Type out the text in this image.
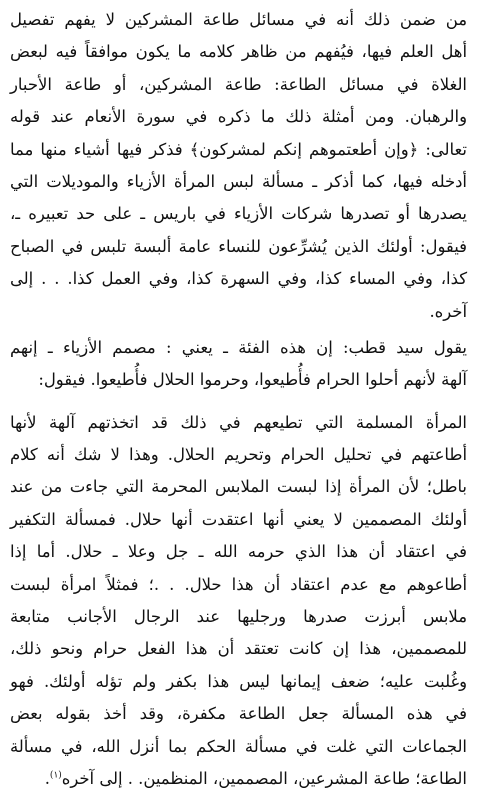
من ضمن ذلك أنه في مسائل طاعة المشركين لا يفهم تفصيل
أهل العلم فيها، فيُفهم من ظاهر كلامه ما يكون موافقاً فيه لبعض
الغلاة في مسائل الطاعة: طاعة المشركين، أو طاعة الأحبار
والرهبان. ومن أمثلة ذلك ما ذكره في سورة الأنعام عند قوله
تعالى: ﴿وإن أطعتموهم إنكم لمشركون﴾ فذكر فيها أشياء منها مما
أدخله فيها، كما أذكر ـ مسألة لبس المرأة الأزياء والموديلات التي
يصدرها أو تصدرها شركات الأزياء في باريس ـ على حد تعبيره ـ،
فيقول: أولئك الذين يُشرِّعون للنساء عامة ألبسة تلبس في الصباح
كذا، وفي المساء كذا، وفي السهرة كذا، وفي العمل كذا. . . إلى
آخره.
يقول سيد قطب: إن هذه الفئة ـ يعني : مصمم الأزياء ـ إنهم
آلهة لأنهم أحلوا الحرام فأُطيعوا، وحرموا الحلال فأُطيعوا. فيقول:
المرأة المسلمة التي تطيعهم في ذلك قد اتخذتهم آلهة لأنها
أطاعتهم في تحليل الحرام وتحريم الحلال. وهذا لا شك أنه كلام
باطل؛ لأن المرأة إذا لبست الملابس المحرمة التي جاءت من عند
أولئك المصممين لا يعني أنها اعتقدت أنها حلال. فمسألة التكفير
في اعتقاد أن هذا الذي حرمه الله ـ جل وعلا ـ حلال. أما إذا
أطاعوهم مع عدم اعتقاد أن هذا حلال. . .؛ فمثلاً امرأة لبست
ملابس أبرزت صدرها ورجليها عند الرجال الأجانب متابعة
للمصممين، هذا إن كانت تعتقد أن هذا الفعل حرام ونحو ذلك،
وغُلبت عليه؛ ضعف إيمانها ليس هذا بكفر ولم تؤله أولئك. فهو
في هذه المسألة جعل الطاعة مكفرة، وقد أخذ بقوله بعض
الجماعات التي غلت في مسألة الحكم بما أنزل الله، في مسألة
الطاعة؛ طاعة المشرعين، المصممين، المنظمين. . إلى آخره$^{(١)}$.
